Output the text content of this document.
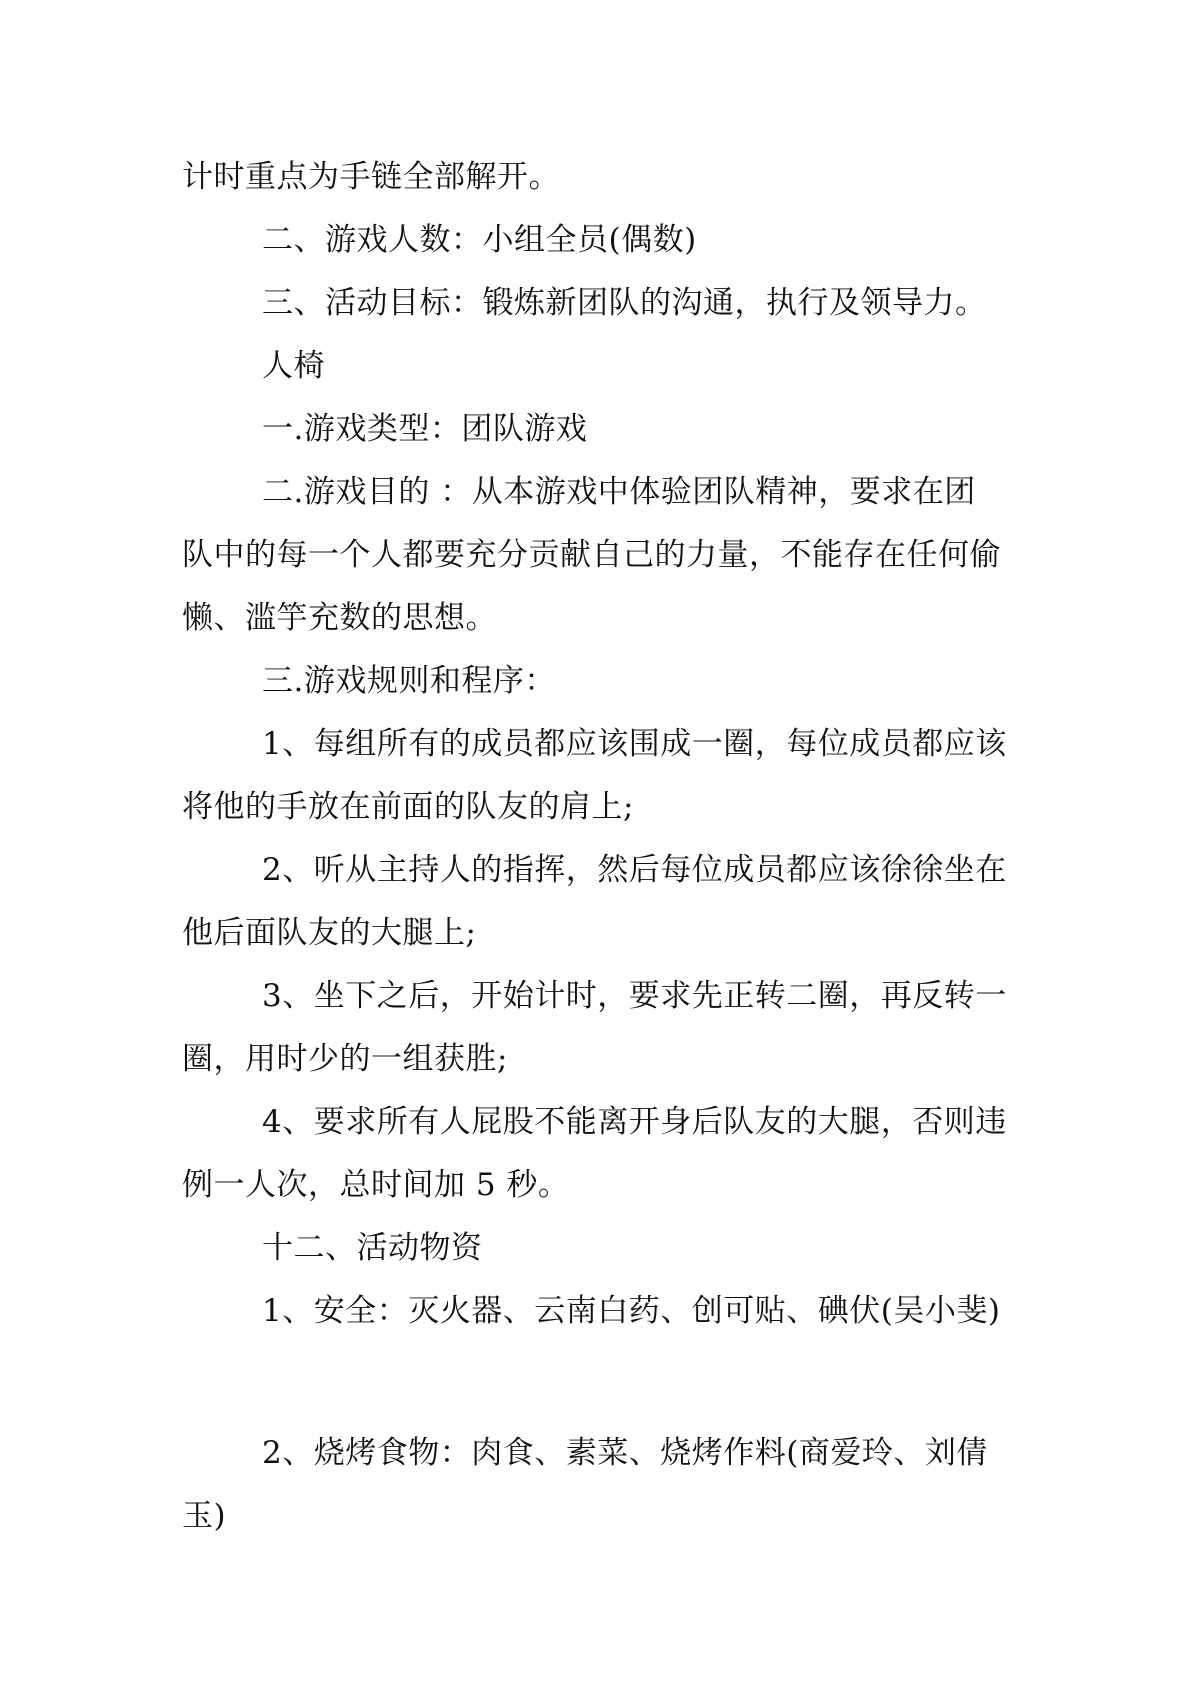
计时重点为手链全部解开。
二、游戏人数：小组全员(偶数)
三、活动目标：锻炼新团队的沟通，执行及领导力。
人椅
一.游戏类型：团队游戏
二.游戏目的 ：从本游戏中体验团队精神，要求在团
队中的每一个人都要充分贡献自己的力量，不能存在任何偷
懒、滥竽充数的思想。
三.游戏规则和程序：
1、每组所有的成员都应该围成一圈，每位成员都应该
将他的手放在前面的队友的肩上;
2、听从主持人的指挥，然后每位成员都应该徐徐坐在
他后面队友的大腿上;
3、坐下之后，开始计时，要求先正转二圈，再反转一
圈，用时少的一组获胜;
4、要求所有人屁股不能离开身后队友的大腿，否则违
例一人次，总时间加 5 秒。
十二、活动物资
1、安全：灭火器、云南白药、创可贴、碘伏(吴小斐)
2、烧烤食物：肉食、素菜、烧烤作料(商爱玲、刘倩
玉)
